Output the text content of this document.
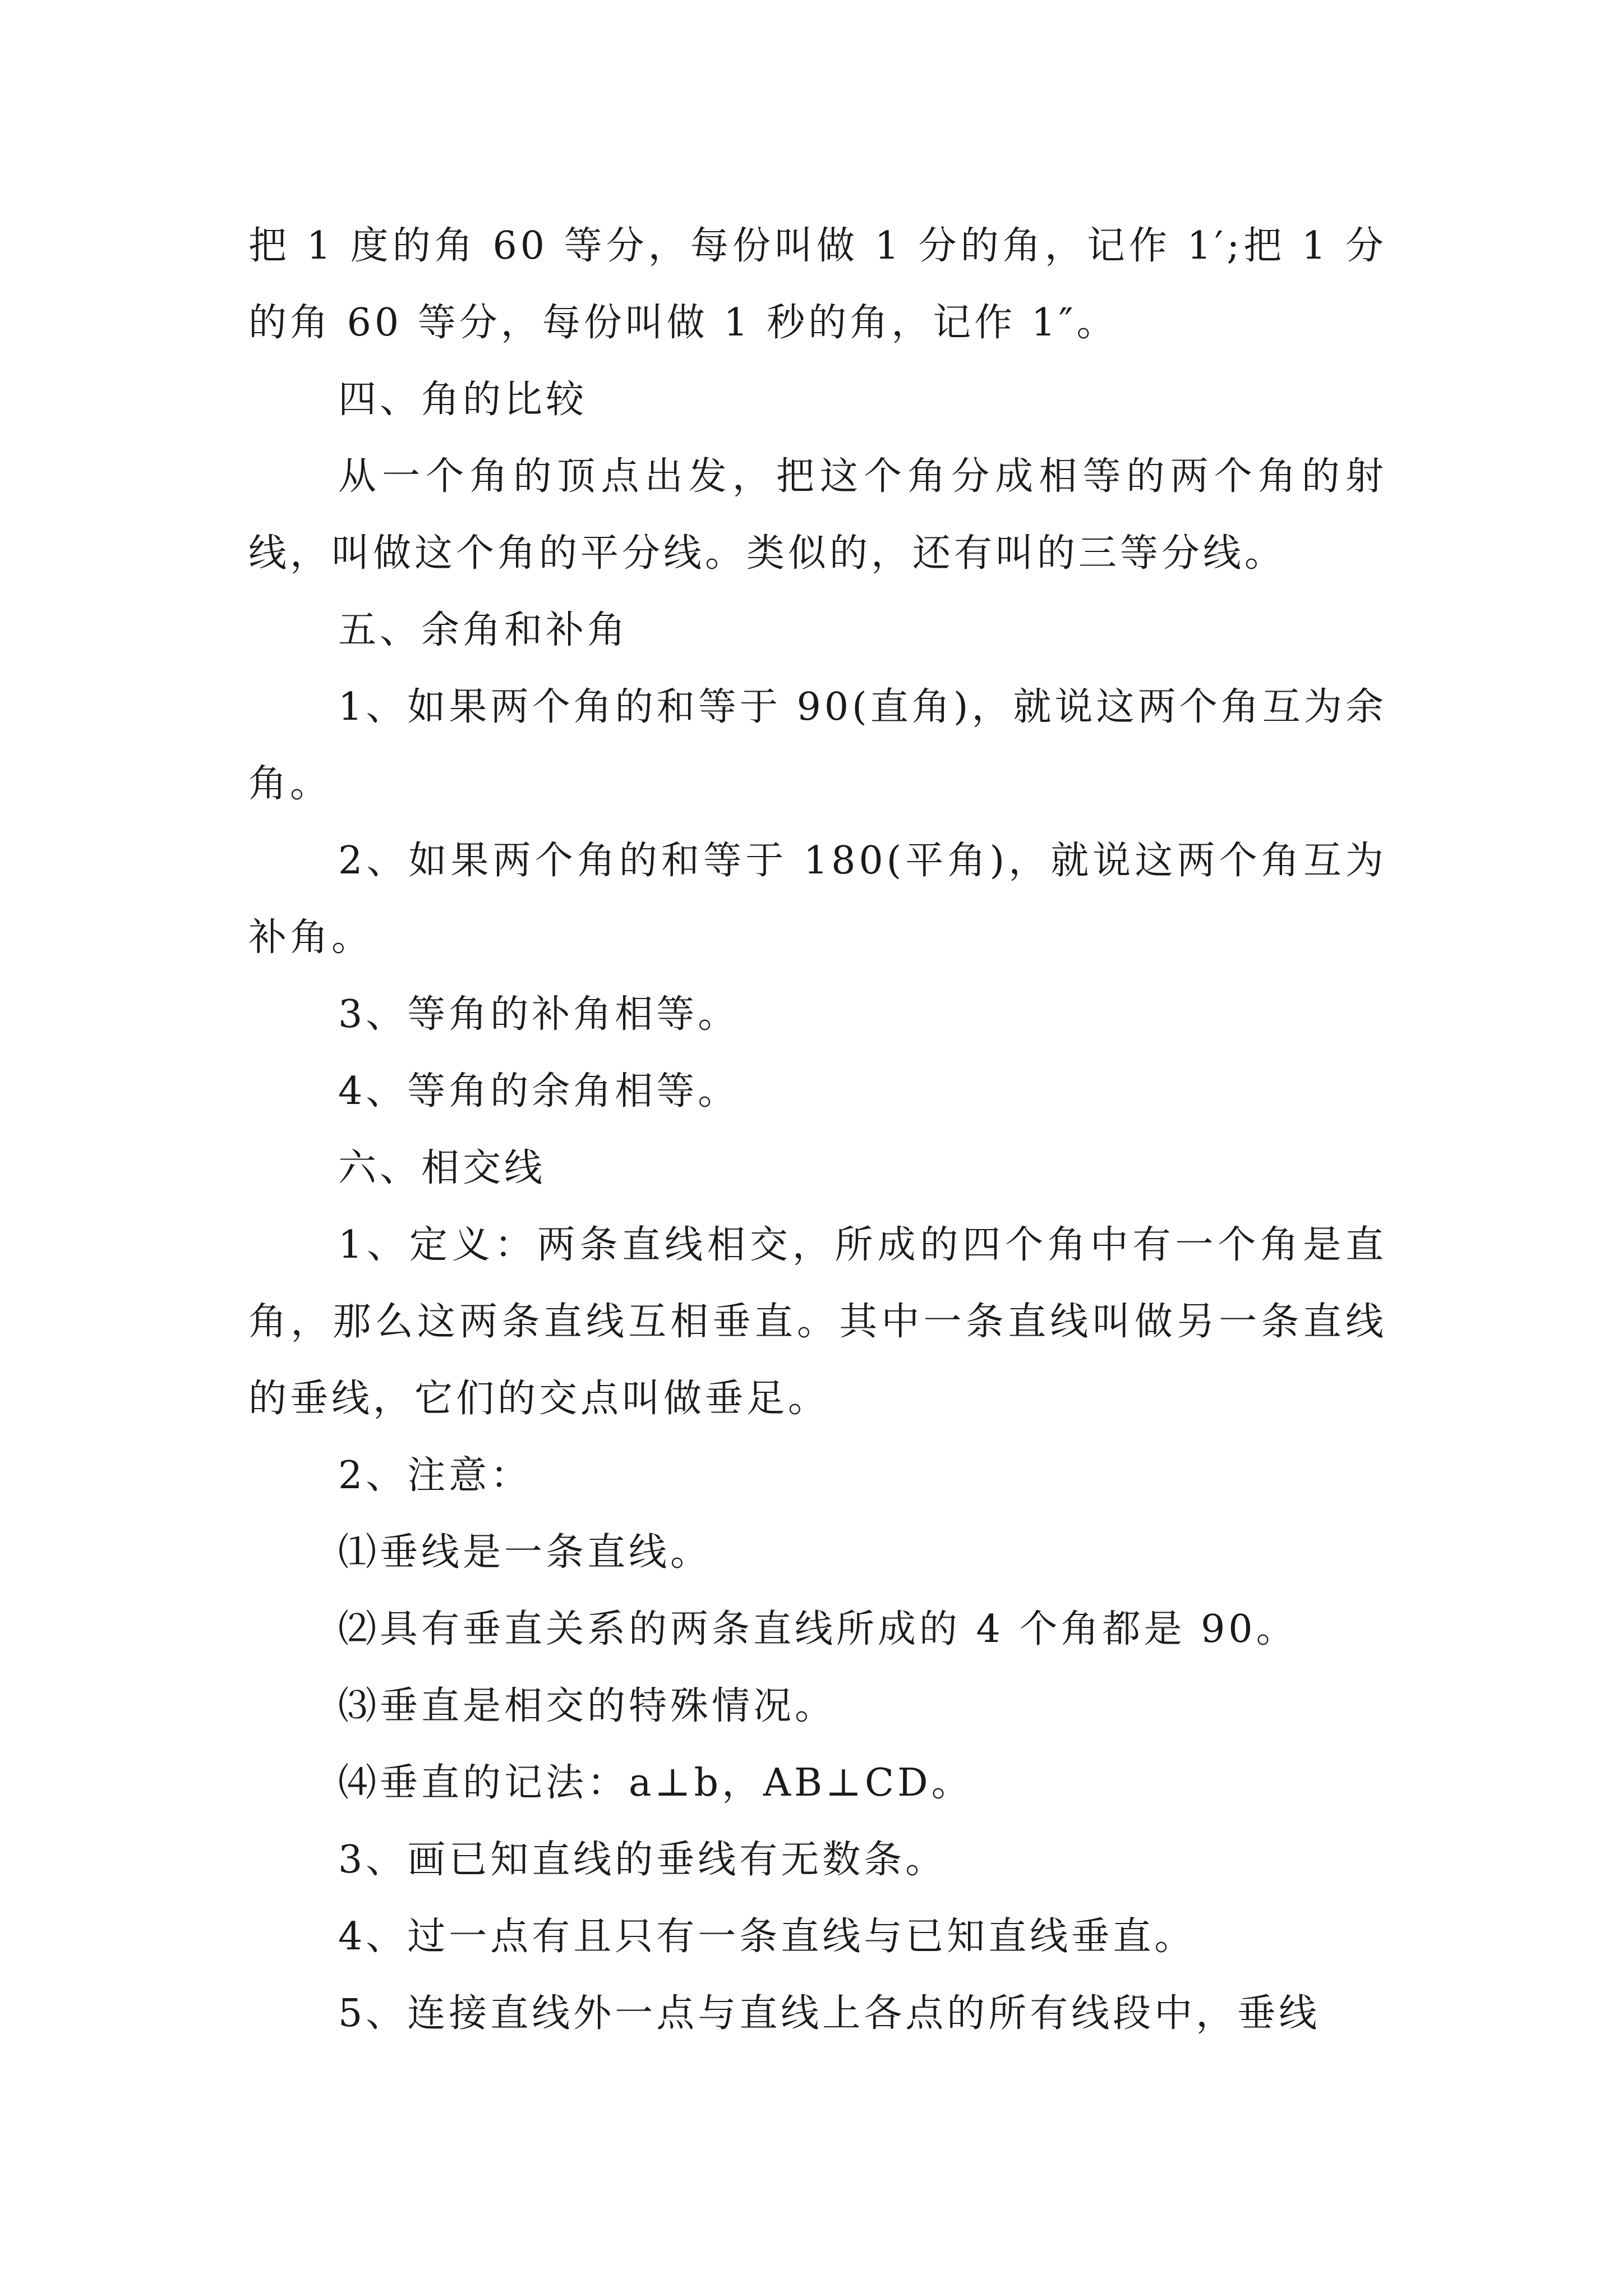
把 1 度的角 60 等分，每份叫做 1 分的角，记作 1′;把 1 分的角 60 等分，每份叫做 1 秒的角，记作 1″。

四、角的比较

从一个角的顶点出发，把这个角分成相等的两个角的射线，叫做这个角的平分线。类似的，还有叫的三等分线。

五、余角和补角

1、如果两个角的和等于 90(直角)，就说这两个角互为余角。

2、如果两个角的和等于 180(平角)，就说这两个角互为补角。

3、等角的补角相等。

4、等角的余角相等。

六、相交线

1、定义：两条直线相交，所成的四个角中有一个角是直角，那么这两条直线互相垂直。其中一条直线叫做另一条直线的垂线，它们的交点叫做垂足。

2、注意：

⑴垂线是一条直线。

⑵具有垂直关系的两条直线所成的 4 个角都是 90。

⑶垂直是相交的特殊情况。

⑷垂直的记法：a⊥b，AB⊥CD。

3、画已知直线的垂线有无数条。

4、过一点有且只有一条直线与已知直线垂直。

5、连接直线外一点与直线上各点的所有线段中，垂线
